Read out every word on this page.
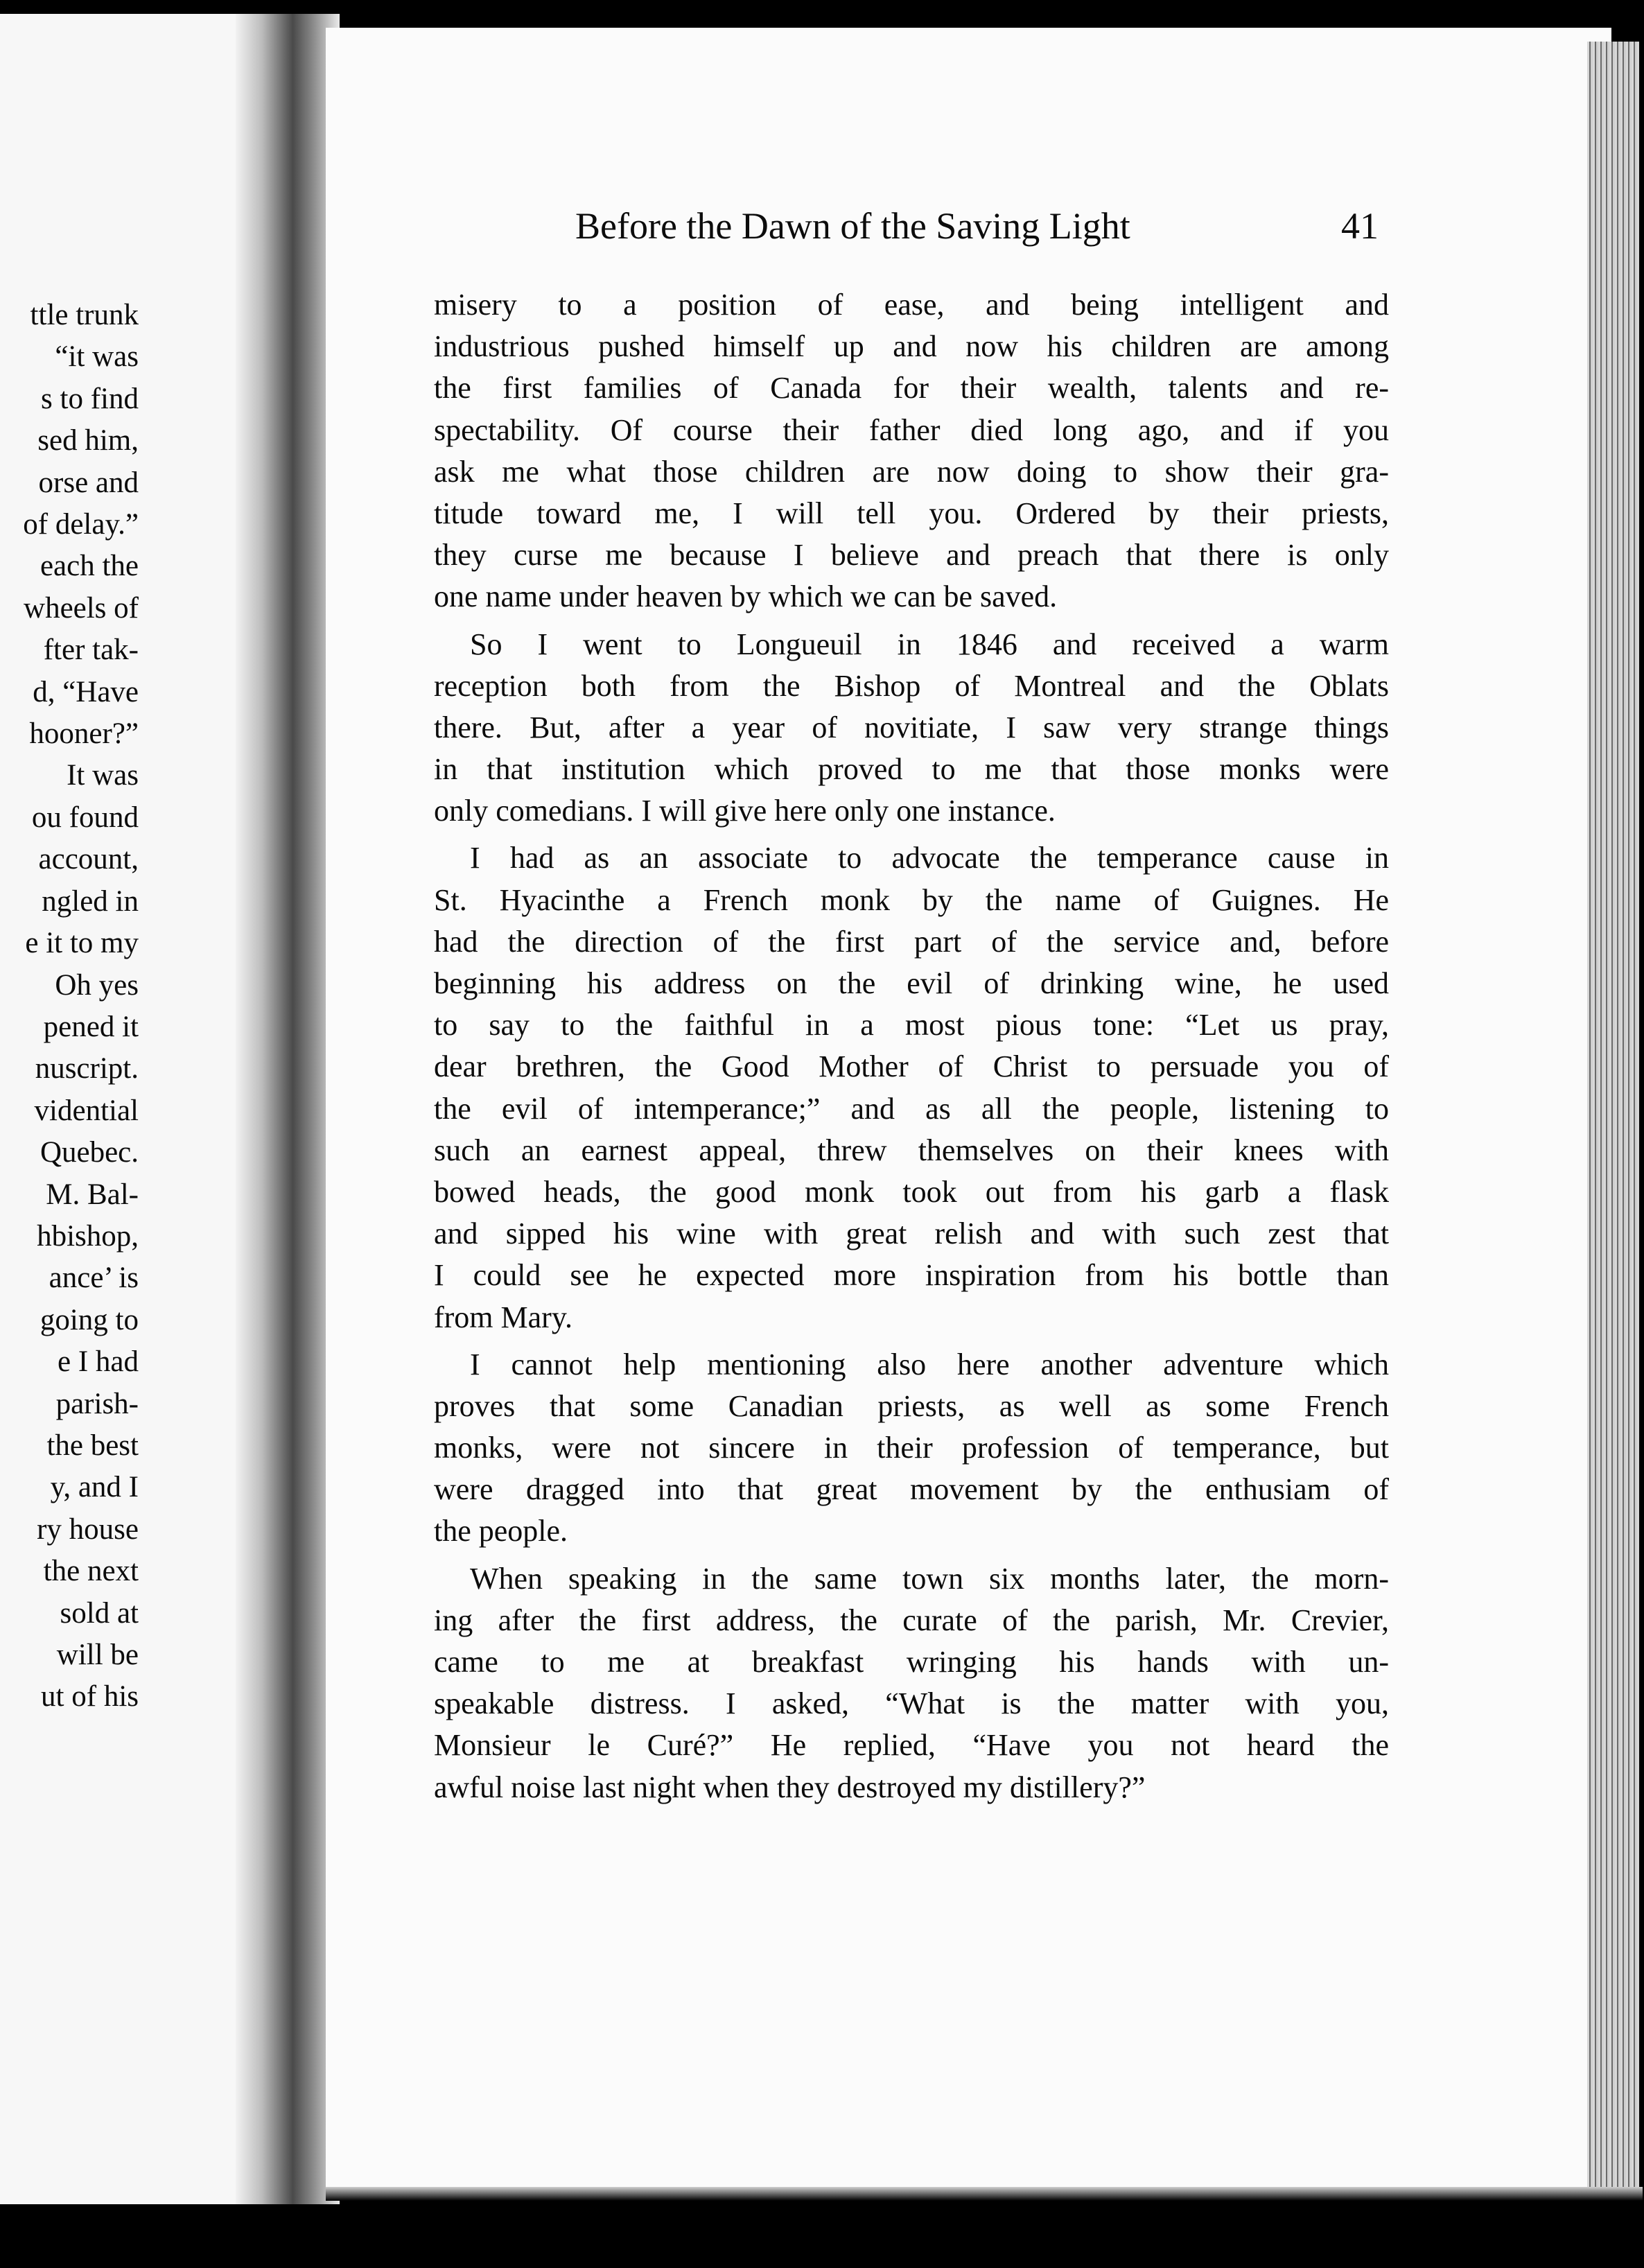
ttle trunk
“it was
s to find
sed him,
orse and
of delay.”
each the
wheels of
fter tak-
d, “Have
hooner?”
It was
ou found
account,
ngled in
e it to my
Oh yes
pened it
nuscript.
vidential
Quebec.
M. Bal-
hbishop,
ance’ is
going to
e I had
parish-
the best
y, and I
ry house
the next
sold at
will be
ut of his
Before the Dawn of the Saving Light	41
misery to a position of ease, and being intelligent and
industrious pushed himself up and now his children are among
the first families of Canada for their wealth, talents and re-
spectability. Of course their father died long ago, and if you
ask me what those children are now doing to show their gra-
titude toward me, I will tell you. Ordered by their priests,
they curse me because I believe and preach that there is only
one name under heaven by which we can be saved.
So I went to Longueuil in 1846 and received a warm
reception both from the Bishop of Montreal and the Oblats
there. But, after a year of novitiate, I saw very strange things
in that institution which proved to me that those monks were
only comedians. I will give here only one instance.
I had as an associate to advocate the temperance cause in
St. Hyacinthe a French monk by the name of Guignes. He
had the direction of the first part of the service and, before
beginning his address on the evil of drinking wine, he used
to say to the faithful in a most pious tone: “Let us pray,
dear brethren, the Good Mother of Christ to persuade you of
the evil of intemperance;” and as all the people, listening to
such an earnest appeal, threw themselves on their knees with
bowed heads, the good monk took out from his garb a flask
and sipped his wine with great relish and with such zest that
I could see he expected more inspiration from his bottle than
from Mary.
I cannot help mentioning also here another adventure which
proves that some Canadian priests, as well as some French
monks, were not sincere in their profession of temperance, but
were dragged into that great movement by the enthusiam of
the people.
When speaking in the same town six months later, the morn-
ing after the first address, the curate of the parish, Mr. Crevier,
came to me at breakfast wringing his hands with un-
speakable distress. I asked, “What is the matter with you,
Monsieur le Curé?” He replied, “Have you not heard the
awful noise last night when they destroyed my distillery?”
